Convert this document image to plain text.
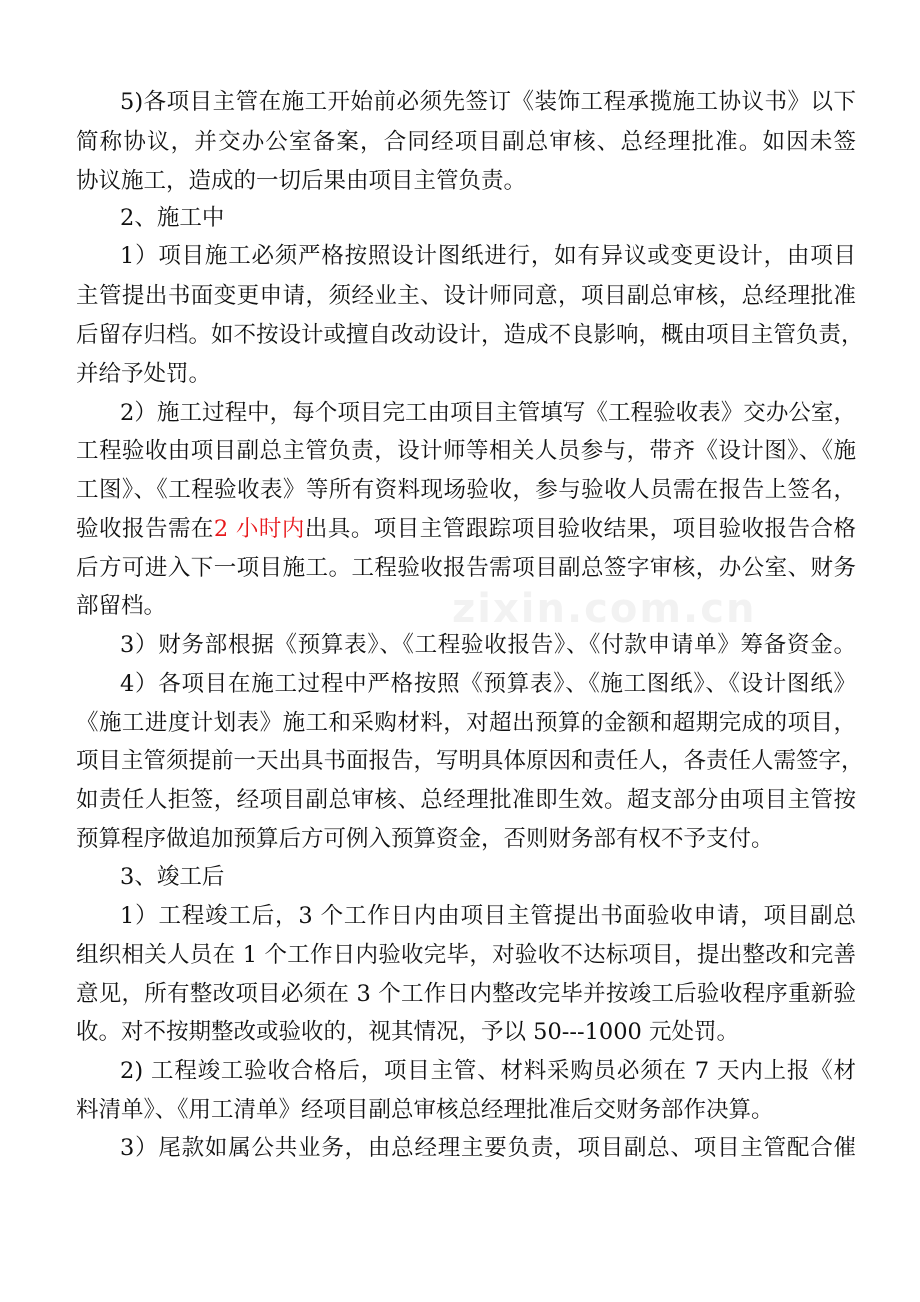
zixin.com.cn

5)各项目主管在施工开始前必须先签订《装饰工程承揽施工协议书》以下

简称协议，并交办公室备案，合同经项目副总审核、总经理批准。如因未签

协议施工，造成的一切后果由项目主管负责。

2、施工中

1）项目施工必须严格按照设计图纸进行，如有异议或变更设计，由项目

主管提出书面变更申请，须经业主、设计师同意，项目副总审核，总经理批准

后留存归档。如不按设计或擅自改动设计，造成不良影响，概由项目主管负责，

并给予处罚。

2）施工过程中，每个项目完工由项目主管填写《工程验收表》交办公室，

工程验收由项目副总主管负责，设计师等相关人员参与，带齐《设计图》、《施

工图》、《工程验收表》等所有资料现场验收，参与验收人员需在报告上签名，

验收报告需在2 小时内出具。项目主管跟踪项目验收结果，项目验收报告合格

后方可进入下一项目施工。工程验收报告需项目副总签字审核，办公室、财务

部留档。

3）财务部根据《预算表》、《工程验收报告》、《付款申请单》筹备资金。

4）各项目在施工过程中严格按照《预算表》、《施工图纸》、《设计图纸》

《施工进度计划表》施工和采购材料，对超出预算的金额和超期完成的项目，

项目主管须提前一天出具书面报告，写明具体原因和责任人，各责任人需签字，

如责任人拒签，经项目副总审核、总经理批准即生效。超支部分由项目主管按

预算程序做追加预算后方可例入预算资金，否则财务部有权不予支付。

3、竣工后

1）工程竣工后，3 个工作日内由项目主管提出书面验收申请，项目副总

组织相关人员在 1 个工作日内验收完毕，对验收不达标项目，提出整改和完善

意见，所有整改项目必须在 3 个工作日内整改完毕并按竣工后验收程序重新验

收。对不按期整改或验收的，视其情况，予以 50---1000 元处罚。

2) 工程竣工验收合格后，项目主管、材料采购员必须在 7 天内上报《材

料清单》、《用工清单》经项目副总审核总经理批准后交财务部作决算。

3）尾款如属公共业务，由总经理主要负责，项目副总、项目主管配合催
